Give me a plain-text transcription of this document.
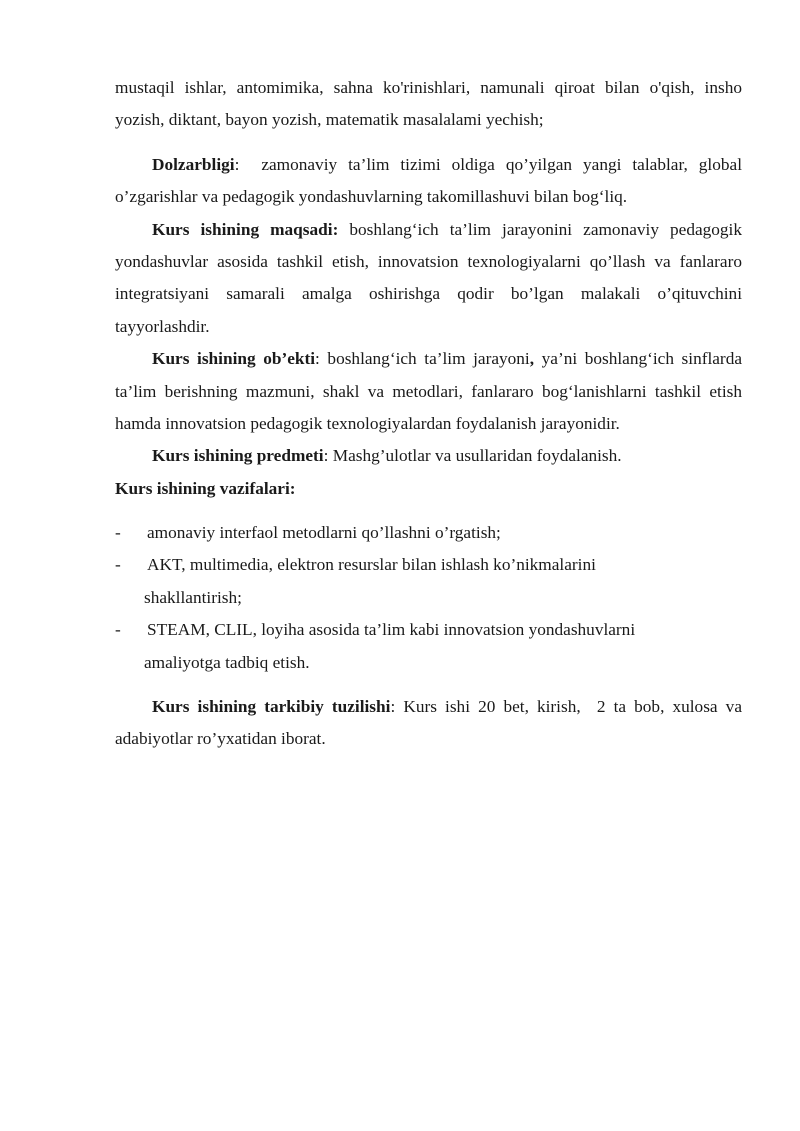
mustaqil ishlar, antomimika, sahna ko'rinishlari, namunali qiroat bilan o'qish, insho yozish, diktant, bayon yozish, matematik masalalami yechish;

Dolzarbligi:  zamonaviy ta’lim tizimi oldiga qo’yilgan yangi talablar, global o’zgarishlar va pedagogik yondashuvlarning takomillashuvi bilan bog‘liq.

Kurs ishining maqsadi: boshlang‘ich ta’lim jarayonini zamonaviy pedagogik yondashuvlar asosida tashkil etish, innovatsion texnologiyalarni qo’llash va fanlararo integratsiyani samarali amalga oshirishga qodir bo’lgan malakali o’qituvchini tayyorlashdir.

Kurs ishining ob’ekti: boshlang‘ich ta’lim jarayoni, ya’ni boshlang‘ich sinflarda ta’lim berishning mazmuni, shakl va metodlari, fanlararo bog‘lanishlarni tashkil etish hamda innovatsion pedagogik texnologiyalardan foydalanish jarayonidir.

Kurs ishining predmeti: Mashg’ulotlar va usullaridan foydalanish.

Kurs ishining vazifalari:

- amonaviy interfaol metodlarni qo’llashni o’rgatish;
- AKT, multimedia, elektron resurslar bilan ishlash ko’nikmalarini
shakllantirish;
- STEAM, CLIL, loyiha asosida ta’lim kabi innovatsion yondashuvlarni
amaliyotga tadbiq etish.

Kurs ishining tarkibiy tuzilishi: Kurs ishi 20 bet, kirish,  2 ta bob, xulosa va adabiyotlar ro’yxatidan iborat.
